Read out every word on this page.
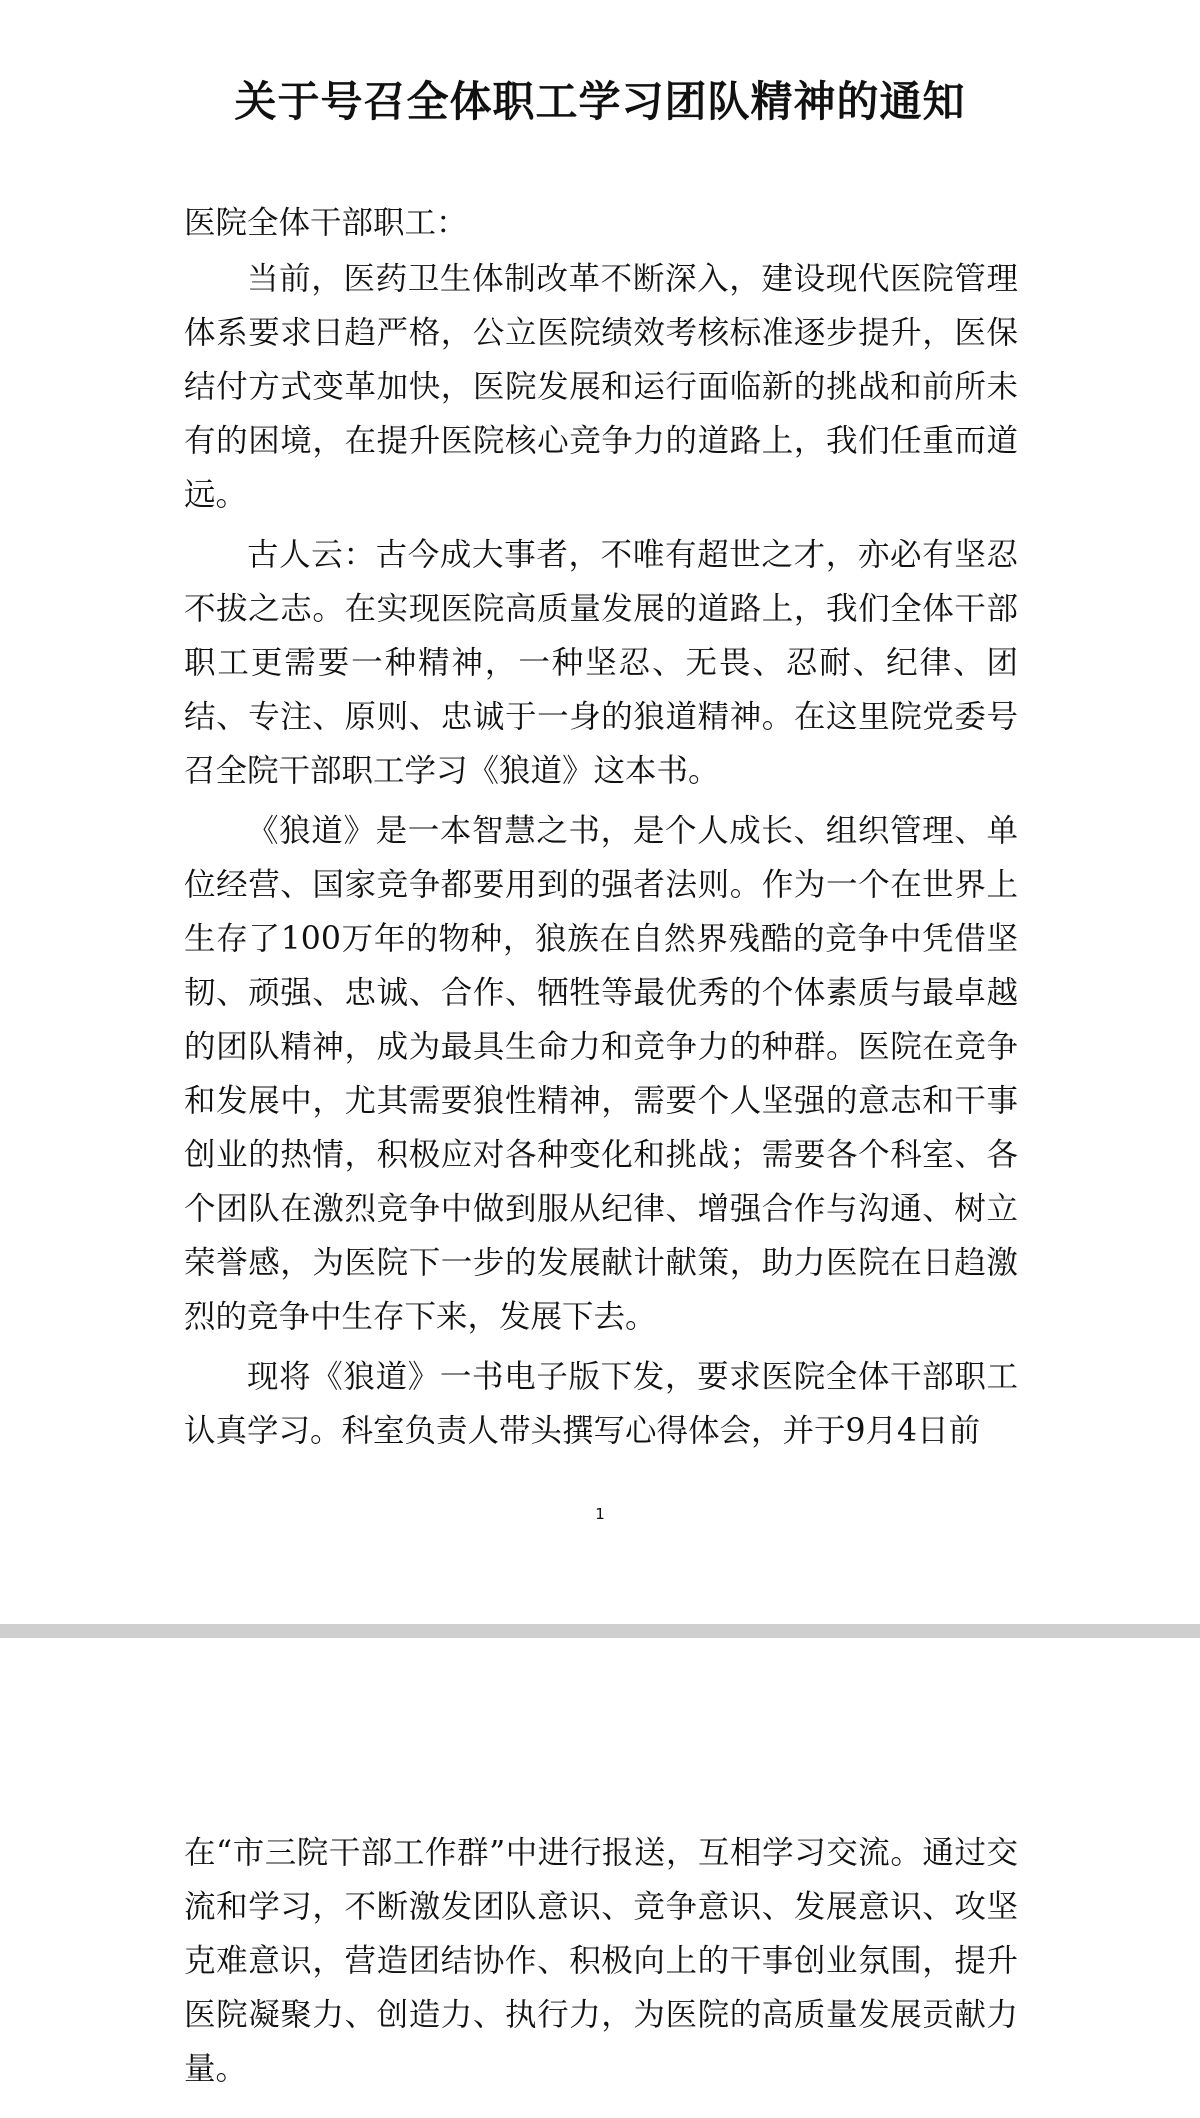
关于号召全体职工学习团队精神的通知

医院全体干部职工：

当前，医药卫生体制改革不断深入，建设现代医院管理体系要求日趋严格，公立医院绩效考核标准逐步提升，医保结付方式变革加快，医院发展和运行面临新的挑战和前所未有的困境，在提升医院核心竞争力的道路上，我们任重而道远。

古人云：古今成大事者，不唯有超世之才，亦必有坚忍不拔之志。在实现医院高质量发展的道路上，我们全体干部职工更需要一种精神，一种坚忍、无畏、忍耐、纪律、团结、专注、原则、忠诚于一身的狼道精神。在这里院党委号召全院干部职工学习《狼道》这本书。

《狼道》是一本智慧之书，是个人成长、组织管理、单位经营、国家竞争都要用到的强者法则。作为一个在世界上生存了100万年的物种，狼族在自然界残酷的竞争中凭借坚韧、顽强、忠诚、合作、牺牲等最优秀的个体素质与最卓越的团队精神，成为最具生命力和竞争力的种群。医院在竞争和发展中，尤其需要狼性精神，需要个人坚强的意志和干事创业的热情，积极应对各种变化和挑战；需要各个科室、各个团队在激烈竞争中做到服从纪律、增强合作与沟通、树立荣誉感，为医院下一步的发展献计献策，助力医院在日趋激烈的竞争中生存下来，发展下去。

现将《狼道》一书电子版下发，要求医院全体干部职工认真学习。科室负责人带头撰写心得体会，并于9月4日前

1

在“市三院干部工作群”中进行报送，互相学习交流。通过交流和学习，不断激发团队意识、竞争意识、发展意识、攻坚克难意识，营造团结协作、积极向上的干事创业氛围，提升医院凝聚力、创造力、执行力，为医院的高质量发展贡献力量。
